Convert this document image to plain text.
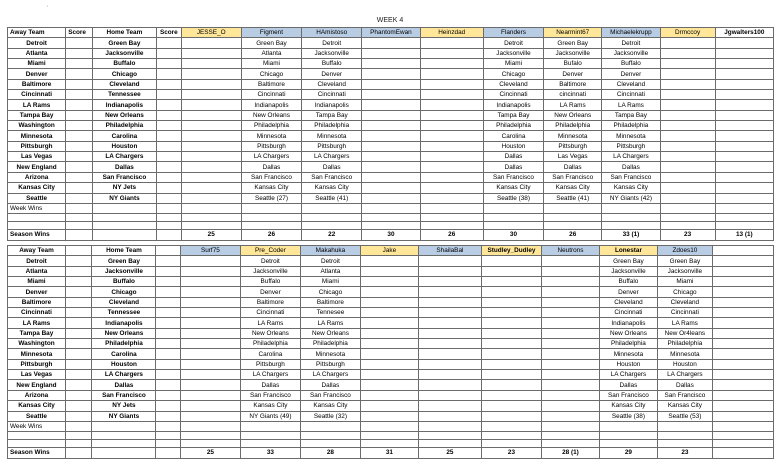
'
WEEK 4
Away Team	Score	Home Team	Score	JESSE_O	Figment	HAmistoso	PhantomEwan	Heinzdad	Flanders	Nearmint67	Michaelekrupp	Drmccoy	Jgwalters100
Detroit		Green Bay			Green Bay	Detroit			Detroit	Green Bay	Detroit		
Atlanta		Jacksonville			Atlanta	Jacksonville			Jacksonville	Jacksonville	Jacksonville		
Miami		Buffalo			Miami	Buffalo			Miami	Bufalo	Buffalo		
Denver		Chicago			Chicago	Denver			Chicago	Denver	Denver		
Baltimore		Cleveland			Baltimore	Cleveland			Cleveland	Baltimore	Cleveland		
Cincinnati		Tennessee			Cincinnati	Cincinnati			Cincinnati	cincinnati	Cincinnati		
LA Rams		Indianapolis			Indianapolis	Indianapolis			Indianapolis	LA Rams	LA Rams		
Tampa Bay		New Orleans			New Orleans	Tampa Bay			Tampa Bay	New Orleans	Tampa Bay		
Washington		Philadelphia			Philadelphia	Philadelphia			Philadelphia	Philadelphia	Philadelphia		
Minnesota		Carolina			Minnesota	Minnesota			Carolina	Minnesota	Minnesota		
Pittsburgh		Houston			Pittsburgh	Pittsburgh			Houston	Pittsburgh	Pittsburgh		
Las Vegas		LA Chargers			LA Chargers	LA Chargers			Dallas	Las Vegas	LA Chargers		
New England		Dallas			Dallas	Dallas			Dallas	Dallas	Dallas		
Arizona		San Francisco			San Francisco	San Francisco			San Francisco	San Francisco	San Francisco		
Kansas City		NY Jets			Kansas City	Kansas City			Kansas City	Kansas City	Kansas City		
Seattle		NY Giants			Seattle (27)	Seattle (41)			Seattle (38)	Seattle (41)	NY Giants (42)		
Week Wins													

Season Wins				25	26	22	30	26	30	26	33 (1)	23	13 (1)
Away Team		Home Team		Surf75	Pre_Coder	Makahuka	Jake	ShailaBal	Studley_Dudley	Neutrons	Lonestar	Zdoes10	
Detroit		Green Bay			Detroit	Detroit					Green Bay	Green Bay	
Atlanta		Jacksonville			Jacksonville	Atlanta					Jacksonville	Jacksonville	
Miami		Buffalo			Buffalo	Miami					Buffalo	Miami	
Denver		Chicago			Denver	Chicago					Denver	Chicago	
Baltimore		Cleveland			Baltimore	Baltimore					Cleveland	Cleveland	
Cincinnati		Tennessee			Cincinnati	Tennesee					Cincinnati	Cincinnati	
LA Rams		Indianapolis			LA Rams	LA Rams					Indianapolis	LA Rams	
Tampa Bay		New Orleans			New Orleans	New Orleans					New Orleans	New Or4leans	
Washington		Philadelphia			Philadelphia	Philadelphia					Philadelphia	Philadelphia	
Minnesota		Carolina			Carolina	Minnesota					Minnesota	Minnesota	
Pittsburgh		Houston			Pittsburgh	Pittsburgh					Houston	Houston	
Las Vegas		LA Chargers			LA Chargers	LA Chargers					LA Chargers	LA Chargers	
New England		Dallas			Dallas	Dallas					Dallas	Dallas	
Arizona		San Francisco			San Francisco	San Francisco					San Francisco	San Francisco	
Kansas City		NY Jets			Kansas City	Kansas City					Kansas City	Kansas City	
Seattle		NY Giants			NY Giants (49)	Seattle (32)					Seattle (38)	Seattle (53)	
Week Wins													

Season Wins				25	33	28	31	25	23	28 (1)	29	23	
